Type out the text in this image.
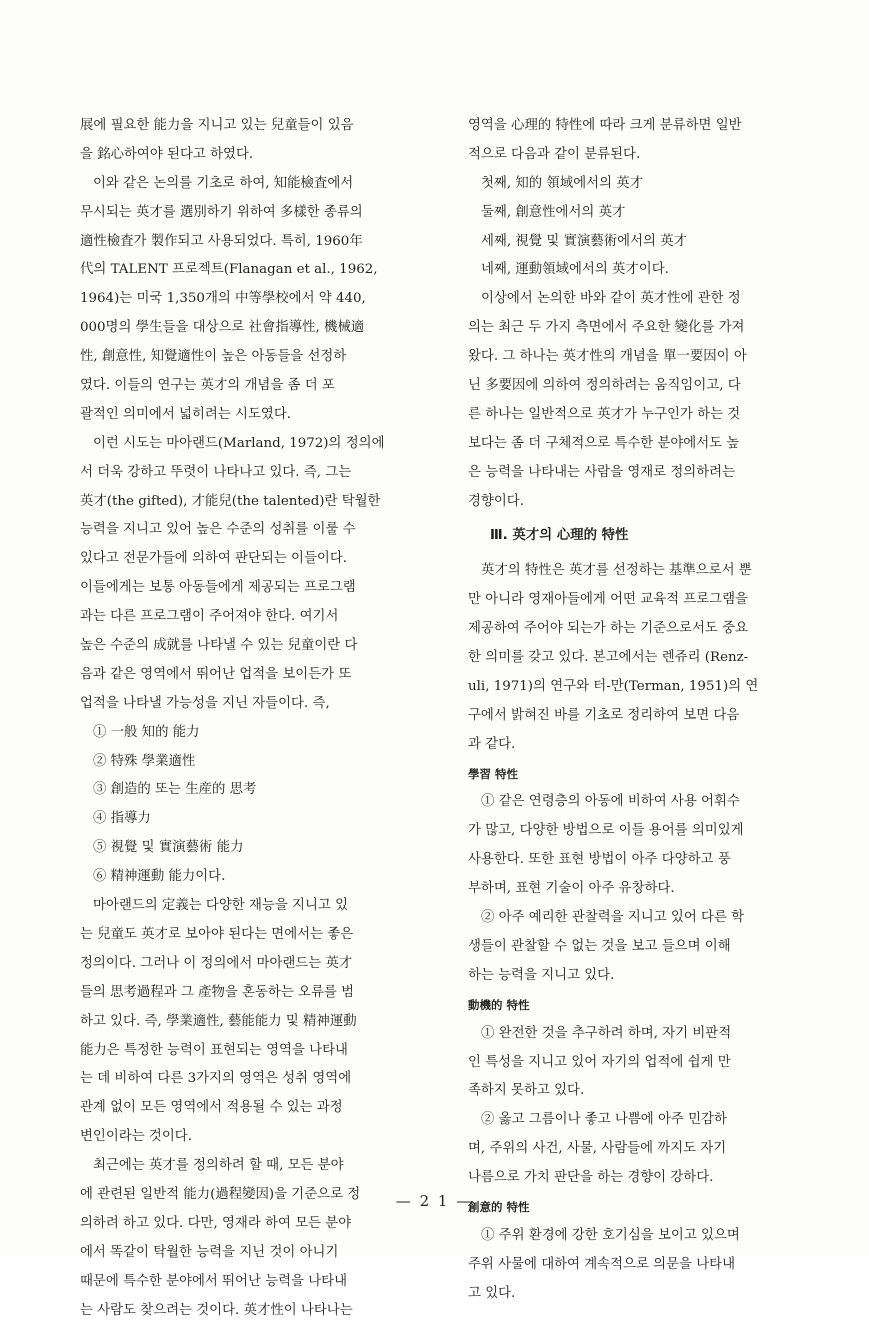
展에 필요한 能力을 지니고 있는 兒童들이 있음
을 銘心하여야 된다고 하였다.
이와 같은 논의를 기초로 하여, 知能檢査에서
무시되는 英才를 選別하기 위하여 多樣한 종류의
適性檢査가 製作되고 사용되었다. 특히, 1960年
代의 TALENT 프로젝트(Flanagan et al., 1962,
1964)는 미국 1,350개의 中等學校에서 약 440,
000명의 學生들을 대상으로 社會指導性, 機械適
性, 創意性, 知覺適性이 높은 아동들을 선정하
였다. 이들의 연구는 英才의 개념을 좀 더 포
괄적인 의미에서 넓히려는 시도였다.
이런 시도는 마아랜드(Marland, 1972)의 정의에
서 더욱 강하고 뚜렷이 나타나고 있다. 즉, 그는
英才(the gifted), 才能兒(the talented)란 탁월한
능력을 지니고 있어 높은 수준의 성취를 이룰 수
있다고 전문가들에 의하여 판단되는 이들이다.
이들에게는 보통 아동들에게 제공되는 프로그램
과는 다른 프로그램이 주어져야 한다. 여기서
높은 수준의 成就를 나타낼 수 있는 兒童이란 다
음과 같은 영역에서 뛰어난 업적을 보이든가 또
업적을 나타낼 가능성을 지닌 자들이다. 즉,
① 一般 知的 能力
② 特殊 學業適性
③ 創造的 또는 生産的 思考
④ 指導力
⑤ 視覺 및 實演藝術 能力
⑥ 精神運動 能力이다.
마아랜드의 定義는 다양한 재능을 지니고 있
는 兒童도 英才로 보아야 된다는 면에서는 좋은
정의이다. 그러나 이 정의에서 마아랜드는 英才
들의 思考過程과 그 產物을 혼동하는 오류를 범
하고 있다. 즉, 學業適性, 藝能能力 및 精神運動
能力은 특정한 능력이 표현되는 영역을 나타내
는 데 비하여 다른 3가지의 영역은 성취 영역에
관계 없이 모든 영역에서 적용될 수 있는 과정
변인이라는 것이다.
최근에는 英才를 정의하려 할 때, 모든 분야
에 관련된 일반적 能力(過程變因)을 기준으로 정
의하려 하고 있다. 다만, 영재라 하여 모든 분야
에서 똑같이 탁월한 능력을 지닌 것이 아니기
때문에 특수한 분야에서 뛰어난 능력을 나타내
는 사람도 찾으려는 것이다. 英才性이 나타나는
영역을 心理的 特性에 따라 크게 분류하면 일반
적으로 다음과 같이 분류된다.
첫째, 知的 領域에서의 英才
둘째, 創意性에서의 英才
세째, 視覺 및 實演藝術에서의 英才
네째, 運動領域에서의 英才이다.
이상에서 논의한 바와 같이 英才性에 관한 정
의는 최근 두 가지 측면에서 주요한 變化를 가져
왔다. 그 하나는 英才性의 개념을 單一要因이 아
닌 多要因에 의하여 정의하려는 움직임이고, 다
른 하나는 일반적으로 英才가 누구인가 하는 것
보다는 좀 더 구체적으로 특수한 분야에서도 높
은 능력을 나타내는 사람을 영재로 정의하려는
경향이다.
Ⅲ. 英才의 心理的 特性
英才의 特性은 英才를 선정하는 基準으로서 뿐
만 아니라 영재아들에게 어떤 교육적 프로그램을
제공하여 주어야 되는가 하는 기준으로서도 중요
한 의미를 갖고 있다. 본고에서는 렌쥬리 (Renz-
uli, 1971)의 연구와 터-만(Terman, 1951)의 연
구에서 밝혀진 바를 기초로 정리하여 보면 다음
과 같다.
學習 特性
① 같은 연령층의 아동에 비하여 사용 어휘수
가 많고, 다양한 방법으로 이들 용어를 의미있게
사용한다. 또한 표현 방법이 아주 다양하고 풍
부하며, 표현 기술이 아주 유창하다.
② 아주 예리한 관찰력을 지니고 있어 다른 학
생들이 관찰할 수 없는 것을 보고 들으며 이해
하는 능력을 지니고 있다.
動機的 特性
① 완전한 것을 추구하려 하며, 자기 비판적
인 특성을 지니고 있어 자기의 업적에 쉽게 만
족하지 못하고 있다.
② 옳고 그름이나 좋고 나쁨에 아주 민감하
며, 주위의 사건, 사물, 사람들에 까지도 자기
나름으로 가치 판단을 하는 경향이 강하다.
創意的 特性
① 주위 환경에 강한 호기심을 보이고 있으며
주위 사물에 대하여 계속적으로 의문을 나타내
고 있다.
— 2 1 —
